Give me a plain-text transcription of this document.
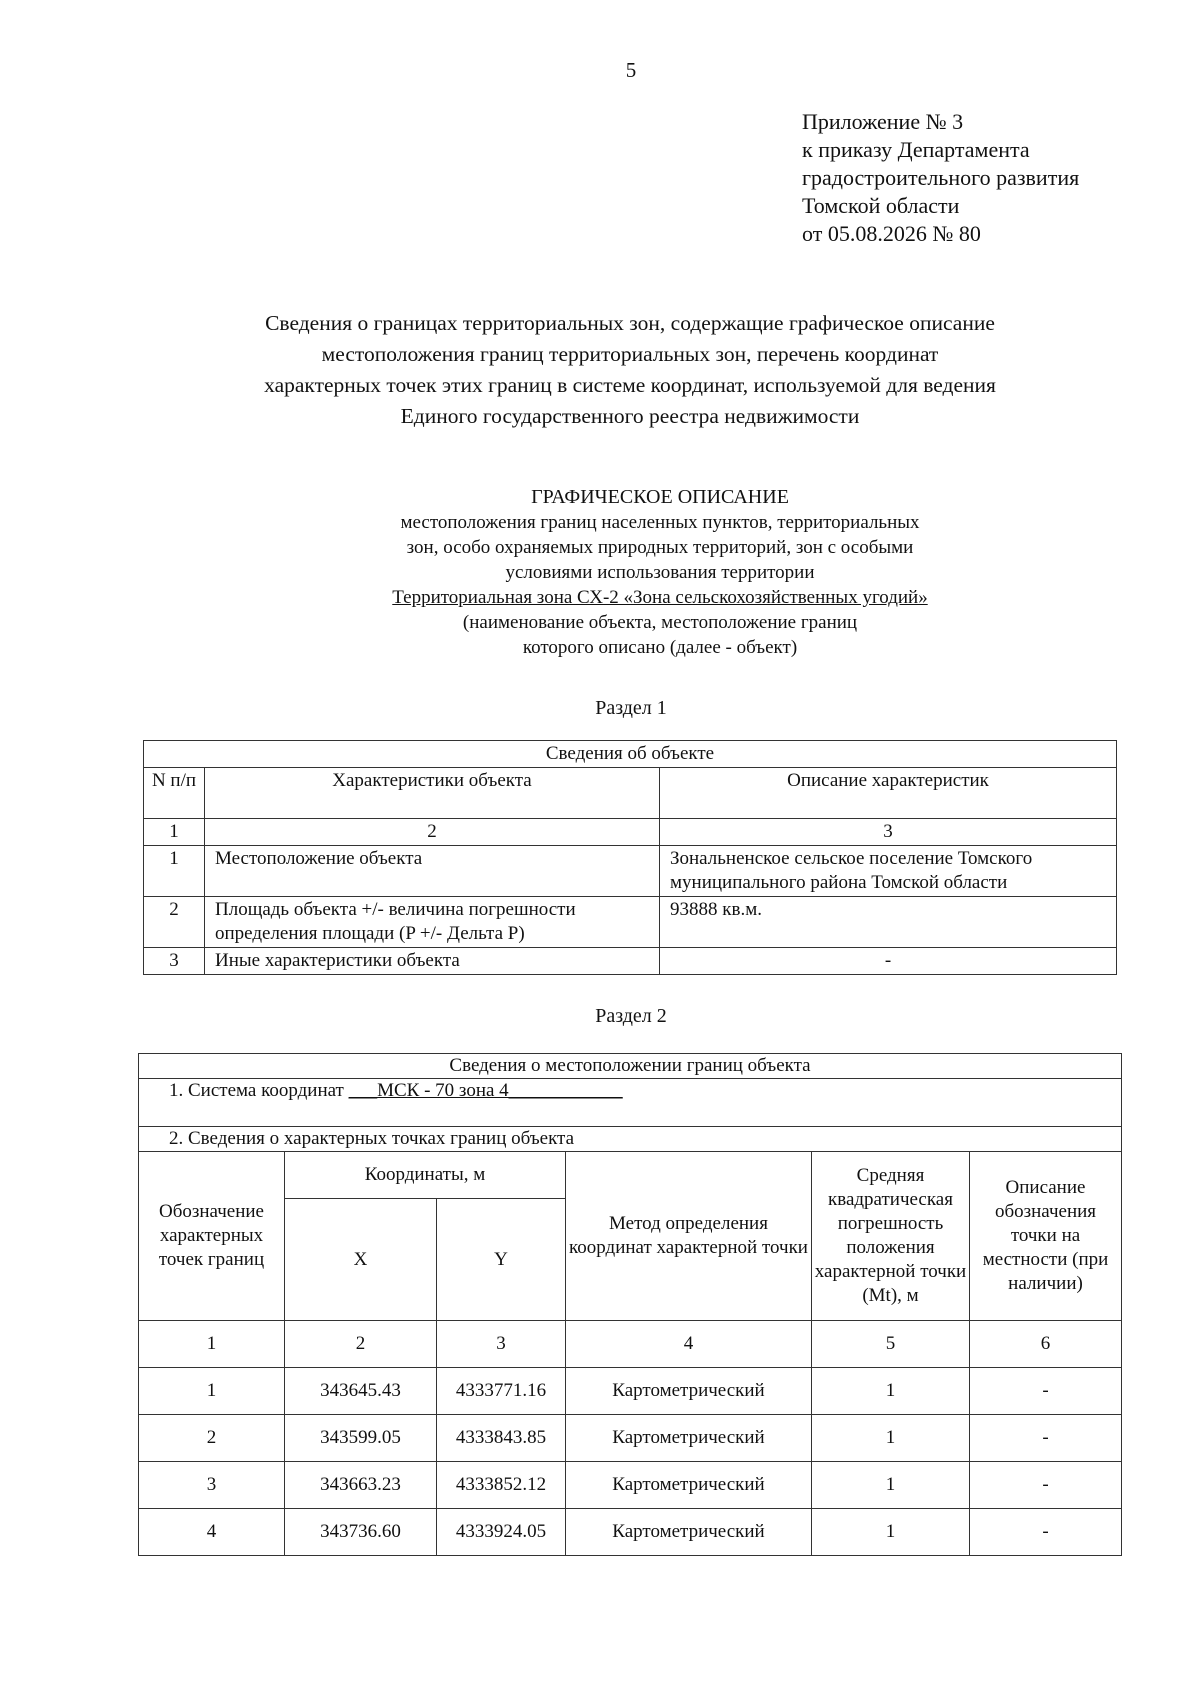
5
Приложение № 3
к приказу Департамента
градостроительного развития
Томской области
от 05.08.2026 № 80
Сведения о границах территориальных зон, содержащие графическое описание
местоположения границ территориальных зон, перечень координат
характерных точек этих границ в системе координат, используемой для ведения
Единого государственного реестра недвижимости
ГРАФИЧЕСКОЕ ОПИСАНИЕ
местоположения границ населенных пунктов, территориальных
зон, особо охраняемых природных территорий, зон с особыми
условиями использования территории
Территориальная зона СХ-2 «Зона сельскохозяйственных угодий»
(наименование объекта, местоположение границ
которого описано (далее - объект)
Раздел 1
Сведения об объекте		
N п/п	Характеристики объекта	Описание характеристик
1	2	3
1	Местоположение объекта	Зональненское сельское поселение Томского муниципального района Томской области
2	Площадь объекта +/- величина погрешности определения площади (P +/- Дельта P)	93888 кв.м.
3	Иные характеристики объекта	-
Раздел 2
Сведения о местоположении границ объекта					
1. Система координат ___МСК - 70 зона 4____________					
2. Сведения о характерных точках границ объекта					
Обозначение характерных точек границ	Координаты, м		Метод определения координат характерной точки	Средняя квадратическая погрешность положения характерной точки (Mt), м	Описание обозначения точки на местности (при наличии)
	X	Y			
1	2	3	4	5	6
1	343645.43	4333771.16	Картометрический	1	-
2	343599.05	4333843.85	Картометрический	1	-
3	343663.23	4333852.12	Картометрический	1	-
4	343736.60	4333924.05	Картометрический	1	-
